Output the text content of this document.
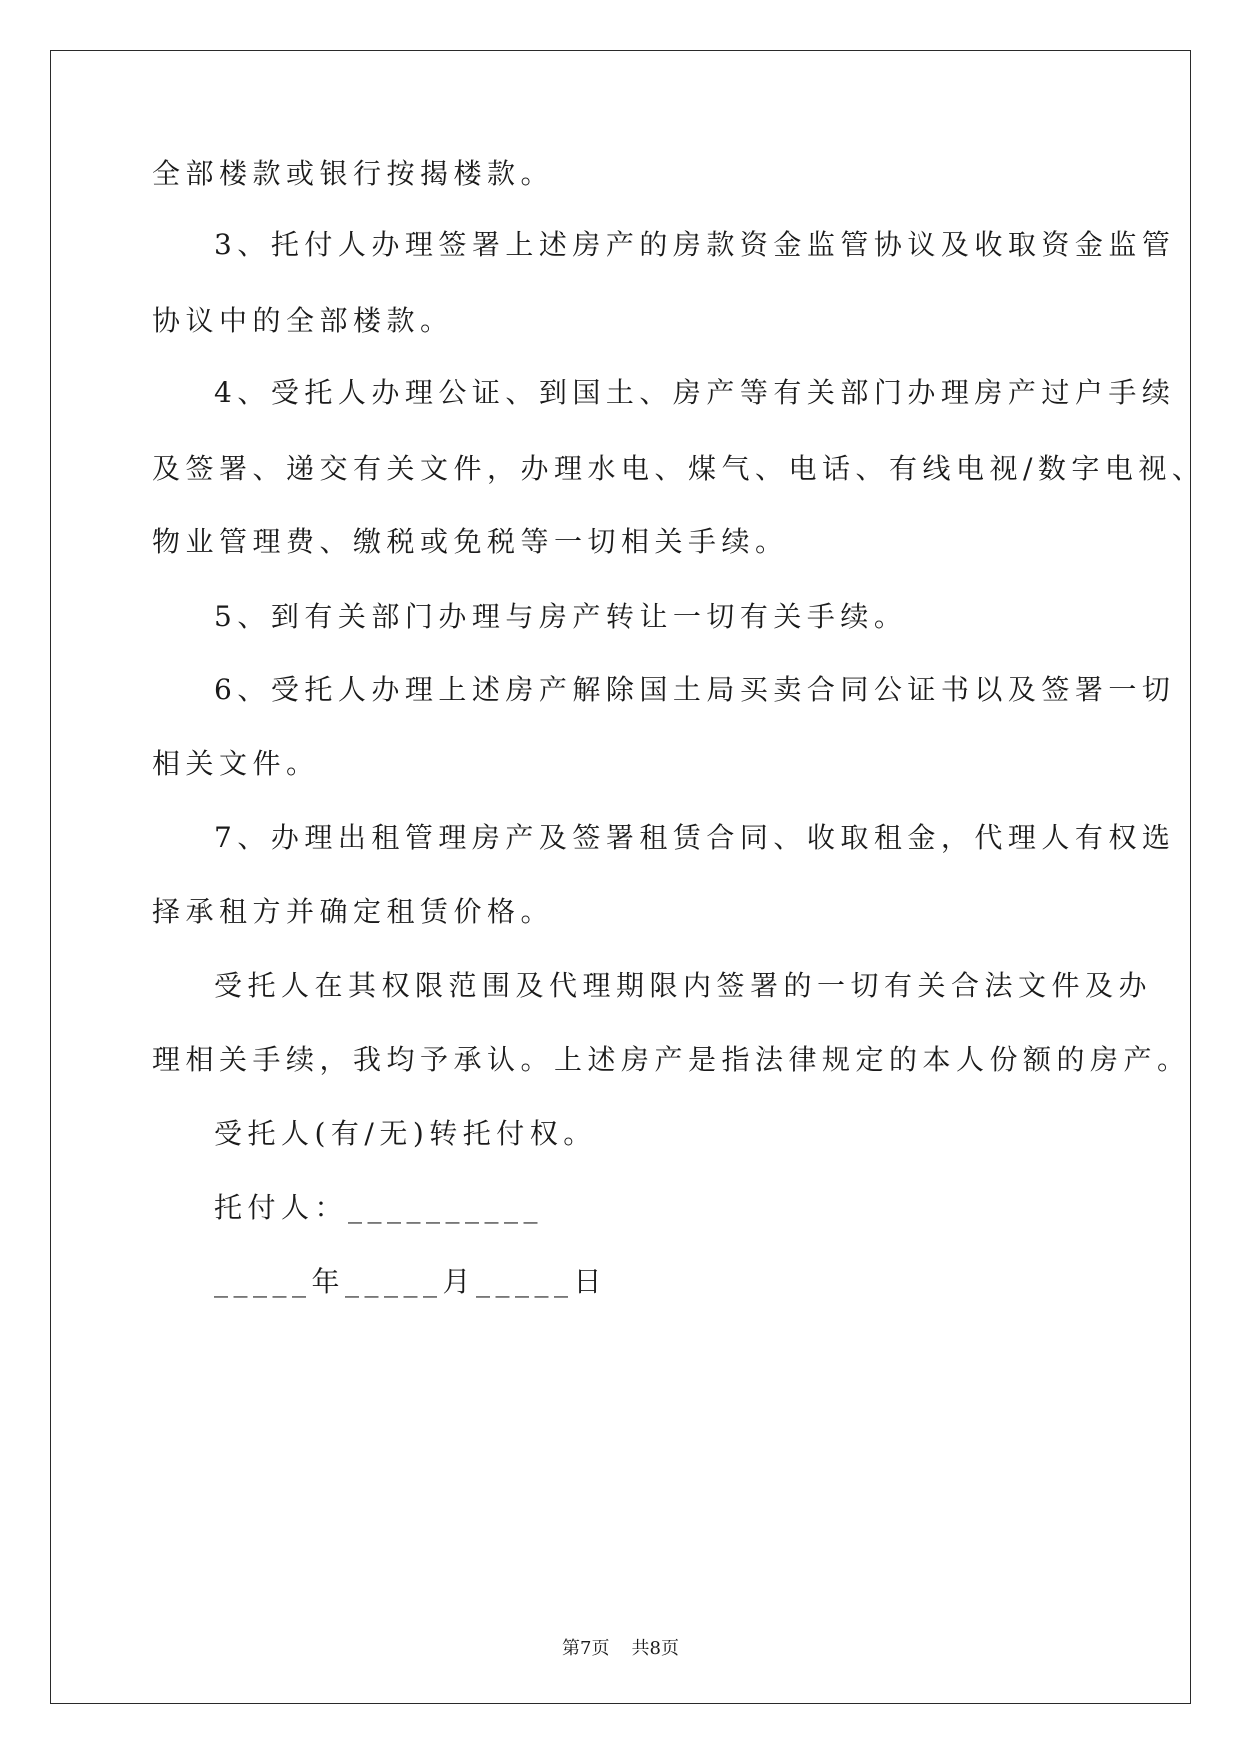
全部楼款或银行按揭楼款。
3、托付人办理签署上述房产的房款资金监管协议及收取资金监管
协议中的全部楼款。
4、受托人办理公证、到国土、房产等有关部门办理房产过户手续
及签署、递交有关文件，办理水电、煤气、电话、有线电视/数字电视、
物业管理费、缴税或免税等一切相关手续。
5、到有关部门办理与房产转让一切有关手续。
6、受托人办理上述房产解除国土局买卖合同公证书以及签署一切
相关文件。
7、办理出租管理房产及签署租赁合同、收取租金，代理人有权选
择承租方并确定租赁价格。
受托人在其权限范围及代理期限内签署的一切有关合法文件及办
理相关手续，我均予承认。上述房产是指法律规定的本人份额的房产。
受托人(有/无)转托付权。
托付人：__________
_____年_____月_____日
第7页 共8页
